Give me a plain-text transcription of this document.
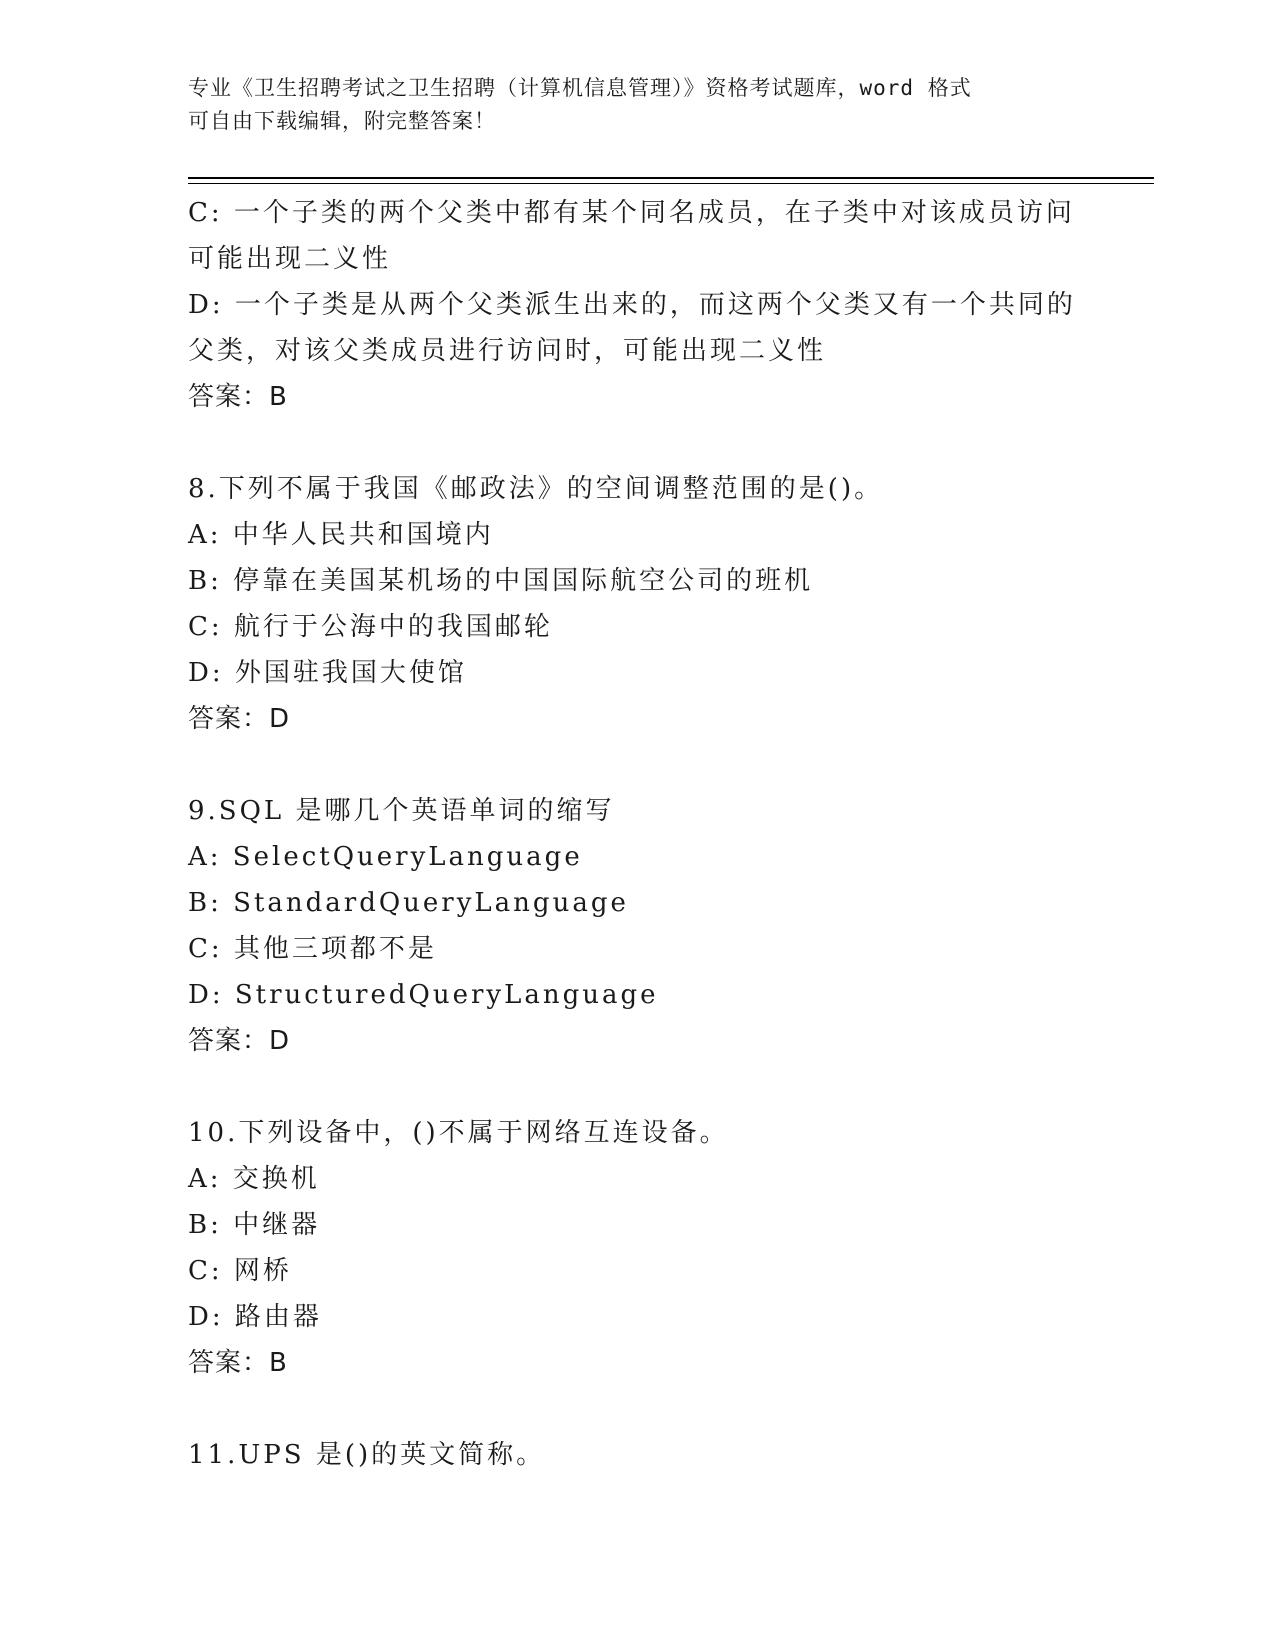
专业《卫生招聘考试之卫生招聘（计算机信息管理）》资格考试题库，word 格式
可自由下载编辑，附完整答案！
C: 一个子类的两个父类中都有某个同名成员，在子类中对该成员访问
可能出现二义性
D: 一个子类是从两个父类派生出来的，而这两个父类又有一个共同的
父类，对该父类成员进行访问时，可能出现二义性
答案：B
8.下列不属于我国《邮政法》的空间调整范围的是()。
A: 中华人民共和国境内
B: 停靠在美国某机场的中国国际航空公司的班机
C: 航行于公海中的我国邮轮
D: 外国驻我国大使馆
答案：D
9.SQL 是哪几个英语单词的缩写
A: SelectQueryLanguage
B: StandardQueryLanguage
C: 其他三项都不是
D: StructuredQueryLanguage
答案：D
10.下列设备中，()不属于网络互连设备。
A: 交换机
B: 中继器
C: 网桥
D: 路由器
答案：B
11.UPS 是()的英文简称。
